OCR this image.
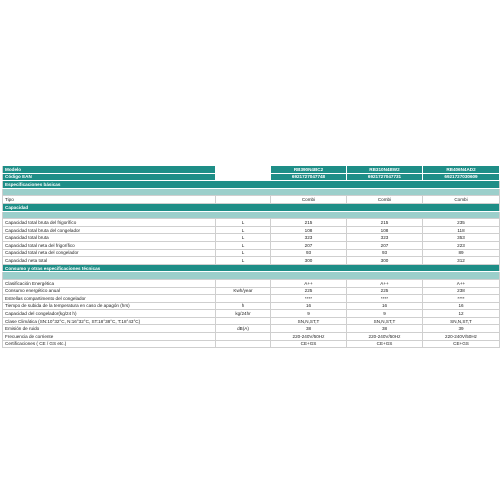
Modelo		RB390N4BC2	RB310N4BW2	RB406N4AD2
Código EAN		6921727047748	6921727047731	6921727030609
Especificaciones básicas				

Tipo		Combi	Combi	Combi
Capacidad				

Capacidad total bruta del frigorífico	L	215	215	235
Capacidad total bruta del congelador	L	108	108	118
Capacidad total bruta	L	323	323	353
Capacidad total neta del frigorífico	L	207	207	223
Capacidad total neta del congelador	L	93	93	89
Capacidad neta total	L	300	300	312
Consumo y otras especificaciones técnicas				

Clasificación Energética		A++	A++	A++
Consumo energético anual	Kwh/year	225	225	238
Estrellas compartimento del congelador		****	****	****
Tiempo de subida de la temperatura en caso de apagón (hrs)	h	16	16	16
Capacidad del congelador(kg/24 h)	kg/24hr	9	9	12
Clase Climática (SN:10°32°C, N:16°32°C, ST:18°38°C, T:18°43°C)		SN,N,ST,T	SN,N,ST,T	SN,N,ST,T
Emisión de ruido	dB(A)	38	38	39
Frecuencia de corriente		220-240V/50Hz	220-240V/50Hz	220-240V/50Hz
Certificaciones ( CE / GS etc.)		CE+GS	CE+GS	CE+GS
